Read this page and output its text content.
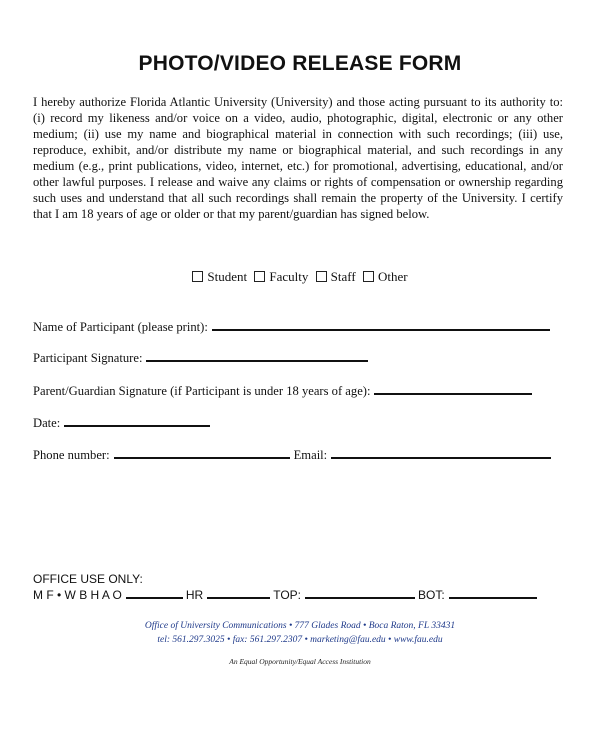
PHOTO/VIDEO RELEASE FORM
I hereby authorize Florida Atlantic University (University) and those acting pursuant to its authority to: (i) record my likeness and/or voice on a video, audio, photographic, digital, electronic or any other medium; (ii) use my name and biographical material in connection with such recordings; (iii) use, reproduce, exhibit, and/or distribute my name or biographical material, and such recordings in any medium (e.g., print publications, video, internet, etc.) for promotional, advertising, educational, and/or other lawful purposes. I release and waive any claims or rights of compensation or ownership regarding such uses and understand that all such recordings shall remain the property of the University. I certify that I am 18 years of age or older or that my parent/guardian has signed below.
Student Faculty Staff Other
Name of Participant (please print):
Participant Signature:
Parent/Guardian Signature (if Participant is under 18 years of age):
Date:
Phone number:	Email:
OFFICE USE ONLY:
M F • W B H A O	HR	TOP:	BOT:
Office of University Communications • 777 Glades Road • Boca Raton, FL 33431
tel: 561.297.3025 • fax: 561.297.2307 • marketing@fau.edu • www.fau.edu
An Equal Opportunity/Equal Access Institution
